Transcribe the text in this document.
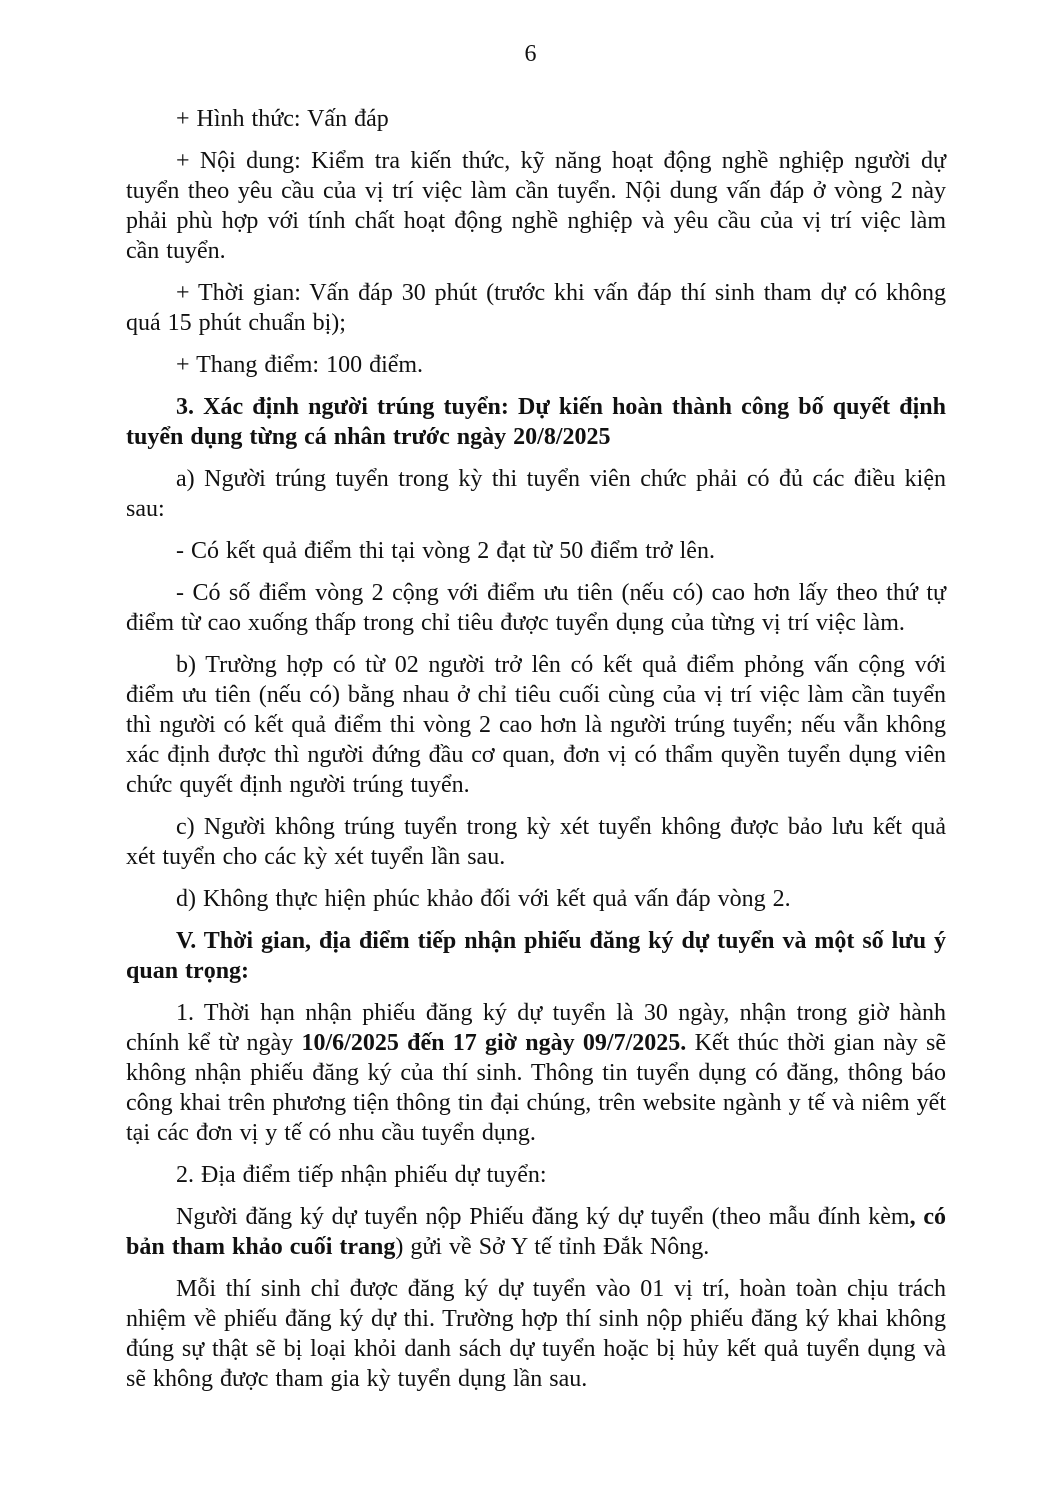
6

+ Hình thức: Vấn đáp

+ Nội dung: Kiểm tra kiến thức, kỹ năng hoạt động nghề nghiệp người dự tuyển theo yêu cầu của vị trí việc làm cần tuyển. Nội dung vấn đáp ở vòng 2 này phải phù hợp với tính chất hoạt động nghề nghiệp và yêu cầu của vị trí việc làm cần tuyển.

+ Thời gian: Vấn đáp 30 phút (trước khi vấn đáp thí sinh tham dự có không quá 15 phút chuẩn bị);

+ Thang điểm: 100 điểm.

3. Xác định người trúng tuyển: Dự kiến hoàn thành công bố quyết định tuyển dụng từng cá nhân trước ngày 20/8/2025

a) Người trúng tuyển trong kỳ thi tuyển viên chức phải có đủ các điều kiện sau:

- Có kết quả điểm thi tại vòng 2 đạt từ 50 điểm trở lên.

- Có số điểm vòng 2 cộng với điểm ưu tiên (nếu có) cao hơn lấy theo thứ tự điểm từ cao xuống thấp trong chỉ tiêu được tuyển dụng của từng vị trí việc làm.

b) Trường hợp có từ 02 người trở lên có kết quả điểm phỏng vấn cộng với điểm ưu tiên (nếu có) bằng nhau ở chỉ tiêu cuối cùng của vị trí việc làm cần tuyển thì người có kết quả điểm thi vòng 2 cao hơn là người trúng tuyển; nếu vẫn không xác định được thì người đứng đầu cơ quan, đơn vị có thẩm quyền tuyển dụng viên chức quyết định người trúng tuyển.

c) Người không trúng tuyển trong kỳ xét tuyển không được bảo lưu kết quả xét tuyển cho các kỳ xét tuyển lần sau.

d) Không thực hiện phúc khảo đối với kết quả vấn đáp vòng 2.

V. Thời gian, địa điểm tiếp nhận phiếu đăng ký dự tuyển và một số lưu ý quan trọng:

1. Thời hạn nhận phiếu đăng ký dự tuyển là 30 ngày, nhận trong giờ hành chính kể từ ngày 10/6/2025 đến 17 giờ ngày 09/7/2025. Kết thúc thời gian này sẽ không nhận phiếu đăng ký của thí sinh. Thông tin tuyển dụng có đăng, thông báo công khai trên phương tiện thông tin đại chúng, trên website ngành y tế và niêm yết tại các đơn vị y tế có nhu cầu tuyển dụng.

2. Địa điểm tiếp nhận phiếu dự tuyển:

Người đăng ký dự tuyển nộp Phiếu đăng ký dự tuyển (theo mẫu đính kèm, có bản tham khảo cuối trang) gửi về Sở Y tế tỉnh Đắk Nông.

Mỗi thí sinh chỉ được đăng ký dự tuyển vào 01 vị trí, hoàn toàn chịu trách nhiệm về phiếu đăng ký dự thi. Trường hợp thí sinh nộp phiếu đăng ký khai không đúng sự thật sẽ bị loại khỏi danh sách dự tuyển hoặc bị hủy kết quả tuyển dụng và sẽ không được tham gia kỳ tuyển dụng lần sau.
